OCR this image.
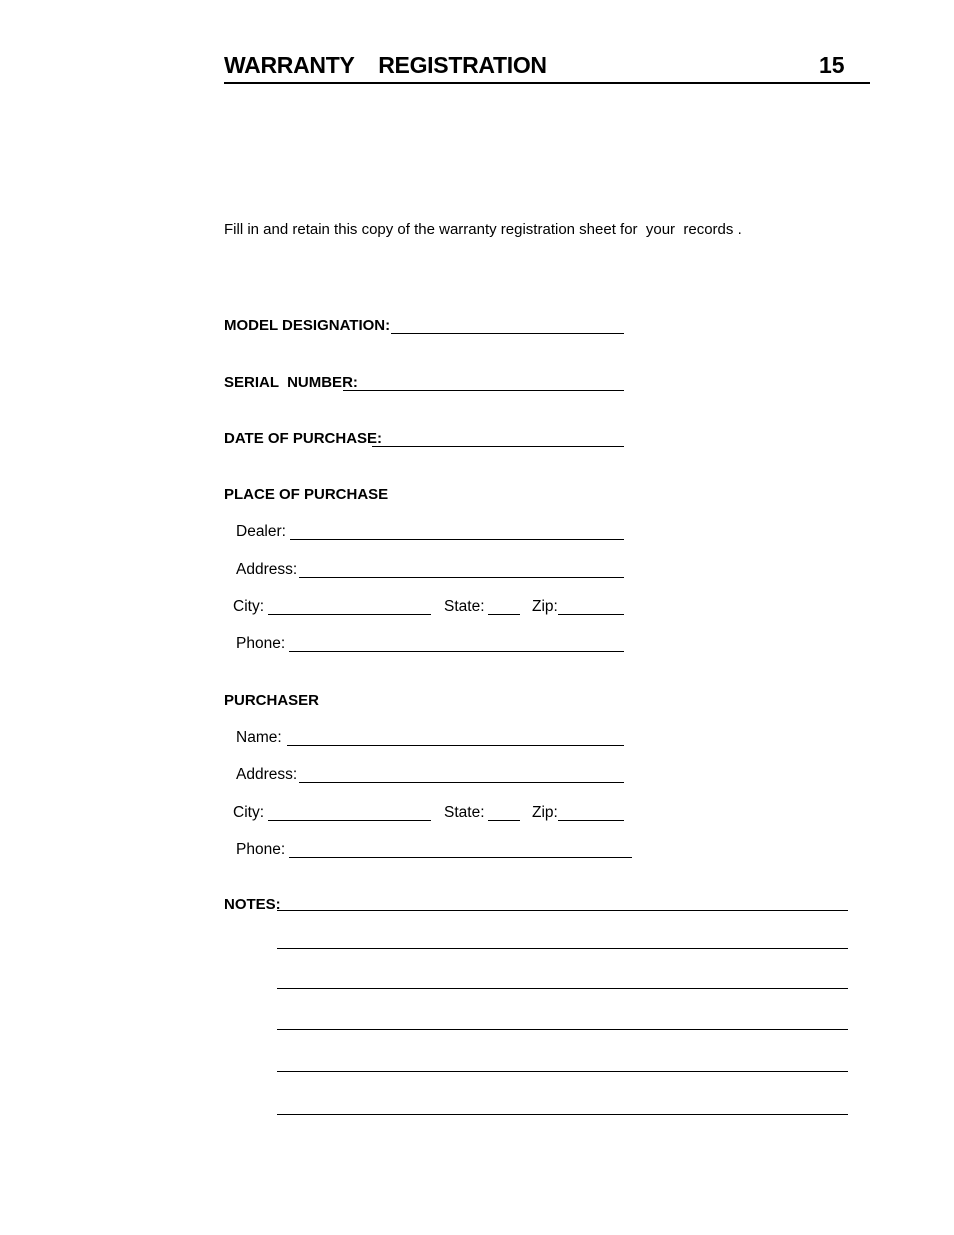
WARRANTY  REGISTRATION	15
Fill in and retain this copy of the warranty registration sheet for  your  records .
MODEL DESIGNATION:
SERIAL  NUMBER:
DATE OF PURCHASE:
PLACE OF PURCHASE
Dealer:
Address:
City:	State:	Zip:
Phone:
PURCHASER
Name:
Address:
City:	State:	Zip:
Phone:
NOTES:
